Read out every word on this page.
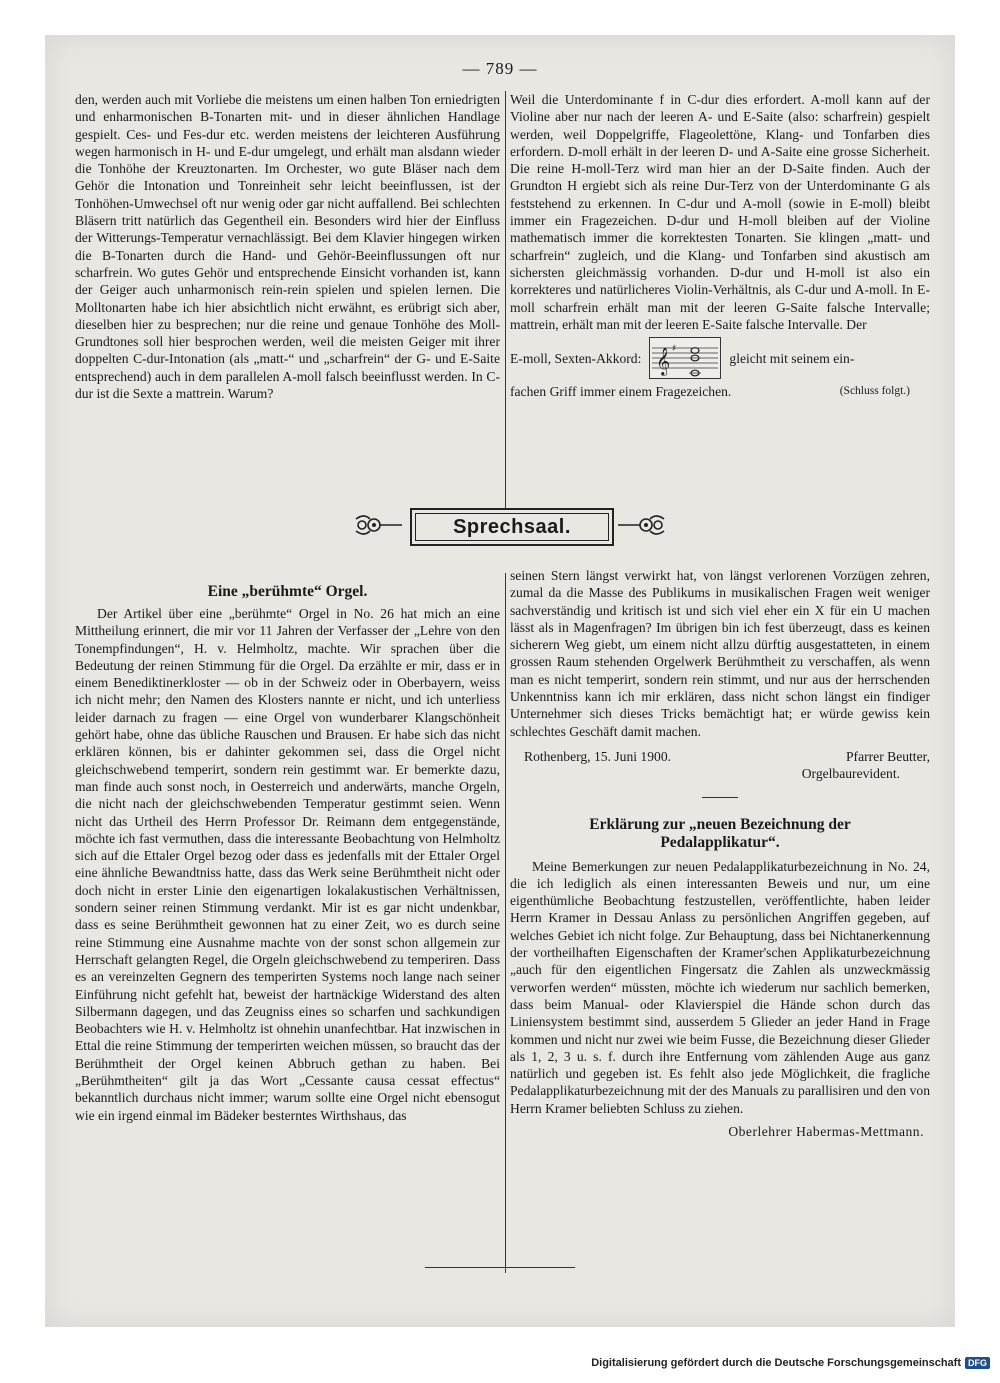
— 789 —

den, werden auch mit Vorliebe die meistens um einen halben Ton erniedrigten und enharmonischen B-Tonarten mit- und in dieser ähnlichen Handlage gespielt. Ces- und Fes-dur etc. werden meistens der leichteren Ausführung wegen harmonisch in H- und E-dur umgelegt, und erhält man alsdann wieder die Tonhöhe der Kreuztonarten. Im Orchester, wo gute Bläser nach dem Gehör die Intonation und Tonreinheit sehr leicht beeinflussen, ist der Tonhöhen-Umwechsel oft nur wenig oder gar nicht auffallend. Bei schlechten Bläsern tritt natürlich das Gegentheil ein. Besonders wird hier der Einfluss der Witterungs-Temperatur vernachlässigt. Bei dem Klavier hingegen wirken die B-Tonarten durch die Hand- und Gehör-Beeinflussungen oft nur scharfrein. Wo gutes Gehör und entsprechende Einsicht vorhanden ist, kann der Geiger auch unharmonisch rein-rein spielen und spielen lernen. Die Molltonarten habe ich hier absichtlich nicht erwähnt, es erübrigt sich aber, dieselben hier zu besprechen; nur die reine und genaue Tonhöhe des Moll-Grundtones soll hier besprochen werden, weil die meisten Geiger mit ihrer doppelten C-dur-Intonation (als „matt-“ und „scharfrein“ der G- und E-Saite entsprechend) auch in dem parallelen A-moll falsch beeinflusst werden. In C-dur ist die Sexte a mattrein. Warum?

Weil die Unterdominante f in C-dur dies erfordert. A-moll kann auf der Violine aber nur nach der leeren A- und E-Saite (also: scharfrein) gespielt werden, weil Doppelgriffe, Flageolettöne, Klang- und Tonfarben dies erfordern. D-moll erhält in der leeren D- und A-Saite eine grosse Sicherheit. Die reine H-moll-Terz wird man hier an der D-Saite finden. Auch der Grundton H ergiebt sich als reine Dur-Terz von der Unterdominante G als feststehend zu erkennen. In C-dur und A-moll (sowie in E-moll) bleibt immer ein Fragezeichen. D-dur und H-moll bleiben auf der Violine mathematisch immer die korrektesten Tonarten. Sie klingen „matt- und scharfrein“ zugleich, und die Klang- und Tonfarben sind akustisch am sichersten gleichmässig vorhanden. D-dur und H-moll ist also ein korrekteres und natürlicheres Violin-Verhältnis, als C-dur und A-moll. In E-moll scharfrein erhält man mit der leeren G-Saite falsche Intervalle; mattrein, erhält man mit der leeren E-Saite falsche Intervalle. Der

E-moll, Sexten-Akkord: 𝄞 ♯
gleicht mit seinem ein-

fachen Griff immer einem Fragezeichen.	(Schluss folgt.)

Sprechsaal.
Eine „berühmte“ Orgel.

Der Artikel über eine „berühmte“ Orgel in No. 26 hat mich an eine Mittheilung erinnert, die mir vor 11 Jahren der Verfasser der „Lehre von den Tonempfindungen“, H. v. Helmholtz, machte. Wir sprachen über die Bedeutung der reinen Stimmung für die Orgel. Da erzählte er mir, dass er in einem Benediktinerkloster — ob in der Schweiz oder in Oberbayern, weiss ich nicht mehr; den Namen des Klosters nannte er nicht, und ich unterliess leider darnach zu fragen — eine Orgel von wunderbarer Klangschönheit gehört habe, ohne das übliche Rauschen und Brausen. Er habe sich das nicht erklären können, bis er dahinter gekommen sei, dass die Orgel nicht gleichschwebend temperirt, sondern rein gestimmt war. Er bemerkte dazu, man finde auch sonst noch, in Oesterreich und anderwärts, manche Orgeln, die nicht nach der gleichschwebenden Temperatur gestimmt seien. Wenn nicht das Urtheil des Herrn Professor Dr. Reimann dem entgegenstände, möchte ich fast vermuthen, dass die interessante Beobachtung von Helmholtz sich auf die Ettaler Orgel bezog oder dass es jedenfalls mit der Ettaler Orgel eine ähnliche Bewandtniss hatte, dass das Werk seine Berühmtheit nicht oder doch nicht in erster Linie den eigenartigen lokalakustischen Verhältnissen, sondern seiner reinen Stimmung verdankt. Mir ist es gar nicht undenkbar, dass es seine Berühmtheit gewonnen hat zu einer Zeit, wo es durch seine reine Stimmung eine Ausnahme machte von der sonst schon allgemein zur Herrschaft gelangten Regel, die Orgeln gleichschwebend zu temperiren. Dass es an vereinzelten Gegnern des temperirten Systems noch lange nach seiner Einführung nicht gefehlt hat, beweist der hartnäckige Widerstand des alten Silbermann dagegen, und das Zeugniss eines so scharfen und sachkundigen Beobachters wie H. v. Helmholtz ist ohnehin unanfechtbar. Hat inzwischen in Ettal die reine Stimmung der temperirten weichen müssen, so braucht das der Berühmtheit der Orgel keinen Abbruch gethan zu haben. Bei „Berühmtheiten“ gilt ja das Wort „Cessante causa cessat effectus“ bekanntlich durchaus nicht immer; warum sollte eine Orgel nicht ebensogut wie ein irgend einmal im Bädeker besterntes Wirthshaus, das

seinen Stern längst verwirkt hat, von längst verlorenen Vorzügen zehren, zumal da die Masse des Publikums in musikalischen Fragen weit weniger sachverständig und kritisch ist und sich viel eher ein X für ein U machen lässt als in Magenfragen? Im übrigen bin ich fest überzeugt, dass es keinen sicherern Weg giebt, um einem nicht allzu dürftig ausgestatteten, in einem grossen Raum stehenden Orgelwerk Berühmtheit zu verschaffen, als wenn man es nicht temperirt, sondern rein stimmt, und nur aus der herrschenden Unkenntniss kann ich mir erklären, dass nicht schon längst ein findiger Unternehmer sich dieses Tricks bemächtigt hat; er würde gewiss kein schlechtes Geschäft damit machen.

Rothenberg, 15. Juni 1900.	Pfarrer Beutter,
Orgelbaurevident.
Erklärung zur „neuen Bezeichnung der Pedalapplikatur“.

Meine Bemerkungen zur neuen Pedalapplikaturbezeichnung in No. 24, die ich lediglich als einen interessanten Beweis und nur, um eine eigenthümliche Beobachtung festzustellen, veröffentlichte, haben leider Herrn Kramer in Dessau Anlass zu persönlichen Angriffen gegeben, auf welches Gebiet ich nicht folge. Zur Behauptung, dass bei Nichtanerkennung der vortheilhaften Eigenschaften der Kramer'schen Applikaturbezeichnung „auch für den eigentlichen Fingersatz die Zahlen als unzweckmässig verworfen werden“ müssten, möchte ich wiederum nur sachlich bemerken, dass beim Manual- oder Klavierspiel die Hände schon durch das Liniensystem bestimmt sind, ausserdem 5 Glieder an jeder Hand in Frage kommen und nicht nur zwei wie beim Fusse, die Bezeichnung dieser Glieder als 1, 2, 3 u. s. f. durch ihre Entfernung vom zählenden Auge aus ganz natürlich und gegeben ist. Es fehlt also jede Möglichkeit, die fragliche Pedalapplikaturbezeichnung mit der des Manuals zu parallisiren und den von Herrn Kramer beliebten Schluss zu ziehen.

Oberlehrer Habermas-Mettmann.
Digitalisierung gefördert durch die Deutsche Forschungsgemeinschaft DFG
